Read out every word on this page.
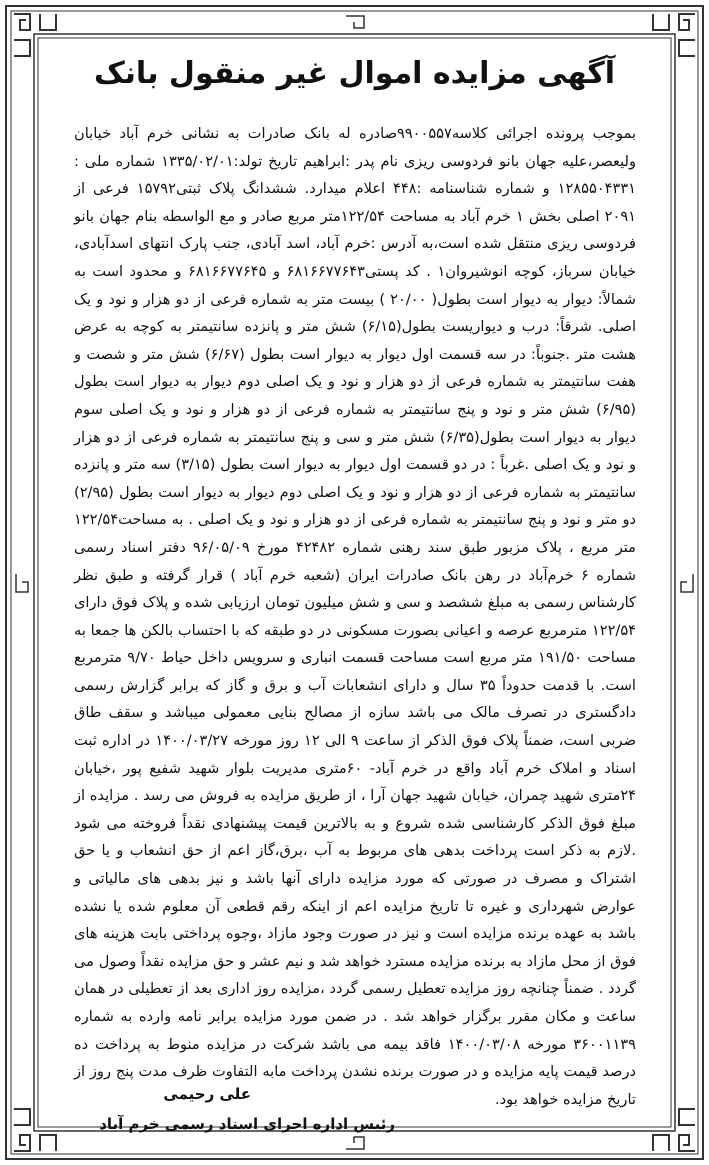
آگهی مزایده اموال غیر منقول بانک

بموجب پرونده اجرائی کلاسه۹۹۰۰۵۵۷صادره له بانک صادرات به نشانی خرم آباد خیابان ولیعصر،علیه جهان بانو فردوسی ریزی نام پدر :ابراهیم تاریخ تولد:۱۳۳۵/۰۲/۰۱ شماره ملی : ۱۲۸۵۵۰۴۳۳۱ و شماره شناسنامه :۴۴۸ اعلام میدارد. ششدانگ پلاک ثبتی۱۵۷۹۲ فرعی از ۲۰۹۱ اصلی بخش ۱ خرم آباد به مساحت ۱۲۲/۵۴متر مربع صادر و مع الواسطه بنام جهان بانو فردوسی ریزی منتقل شده است،به آدرس :خرم آباد، اسد آبادی، جنب پارک انتهای اسدآبادی، خیابان سرباز، کوچه انوشیروان۱ . کد پستی۶۸۱۶۶۷۷۶۴۳ و ۶۸۱۶۶۷۷۶۴۵ و محدود است به شمالاً: دیوار به دیوار است بطول( ۲۰/۰۰ ) بیست متر به شماره فرعی از دو هزار و نود و یک اصلی. شرقاً: درب و دیواریست بطول(۶/۱۵) شش متر و پانزده سانتیمتر به کوچه به عرض هشت متر .جنوباً: در سه قسمت اول دیوار به دیوار است بطول (۶/۶۷) شش متر و شصت و هفت سانتیمتر به شماره فرعی از دو هزار و نود و یک اصلی دوم دیوار به دیوار است بطول (۶/۹۵) شش متر و نود و پنج سانتیمتر به شماره فرعی از دو هزار و نود و یک اصلی سوم دیوار به دیوار است بطول(۶/۳۵) شش متر و سی و پنج سانتیمتر به شماره فرعی از دو هزار و نود و یک اصلی .غرباً : در دو قسمت اول دیوار به دیوار است بطول (۳/۱۵) سه متر و پانزده سانتیمتر به شماره فرعی از دو هزار و نود و یک اصلی دوم دیوار به دیوار است بطول (۲/۹۵) دو متر و نود و پنج سانتیمتر به شماره فرعی از دو هزار و نود و یک اصلی . به مساحت۱۲۲/۵۴ متر مربع ، پلاک مزبور طبق سند رهنی شماره ۴۲۴۸۲ مورخ ۹۶/۰۵/۰۹ دفتر اسناد رسمی شماره ۶ خرم‌آباد در رهن بانک صادرات ایران (شعبه خرم آباد ) قرار گرفته و طبق نظر کارشناس رسمی به مبلغ ششصد و سی و شش میلیون تومان ارزیابی شده و پلاک فوق دارای ۱۲۲/۵۴ مترمربع عرصه و اعیانی بصورت مسکونی در دو طبقه که با احتساب بالکن ها جمعا به مساحت ۱۹۱/۵۰ متر مربع است مساحت قسمت انباری و سرویس داخل حیاط ۹/۷۰ مترمربع است. با قدمت حدوداً ۳۵ سال و دارای انشعابات آب و برق و گاز که برابر گزارش رسمی دادگستری در تصرف مالک می باشد سازه از مصالح بنایی معمولی میباشد و سقف طاق ضربی است، ضمناً پلاک فوق الذکر از ساعت ۹ الی ۱۲ روز مورخه ۱۴۰۰/۰۳/۲۷ در اداره ثبت اسناد و املاک خرم آباد واقع در خرم آباد- ۶۰متری مدیریت بلوار شهید شفیع پور ،خیابان ۲۴متری شهید چمران، خیابان شهید جهان آرا ، از طریق مزایده به فروش می رسد . مزایده از مبلغ فوق الذکر کارشناسی شده شروع و به بالاترین قیمت پیشنهادی نقداً فروخته می شود .لازم به ذکر است پرداخت بدهی های مربوط به آب ،برق،گاز اعم از حق انشعاب و یا حق اشتراک و مصرف در صورتی که مورد مزایده دارای آنها باشد و نیز بدهی های مالیاتی و عوارض شهرداری و غیره تا تاریخ مزایده اعم از اینکه رقم قطعی آن معلوم شده یا نشده باشد به عهده برنده مزایده است و نیز در صورت وجود مازاد ،وجوه پرداختی بابت هزینه های فوق از محل مازاد به برنده مزایده مسترد خواهد شد و نیم عشر و حق مزایده نقداً وصول می گردد . ضمناً چنانچه روز مزایده تعطیل رسمی گردد ،مزایده روز اداری بعد از تعطیلی در همان ساعت و مکان مقرر برگزار خواهد شد . در ضمن مورد مزایده برابر نامه وارده به شماره ۳۶۰۰۱۱۳۹ مورخه ۱۴۰۰/۰۳/۰۸ فاقد بیمه می باشد شرکت در مزایده منوط به پرداخت ده درصد قیمت پایه مزایده و در صورت برنده نشدن پرداخت مابه التفاوت ظرف مدت پنج روز از تاریخ مزایده خواهد بود.

علی رحیمی
رئیس اداره اجرای اسناد رسمی خرم آباد
